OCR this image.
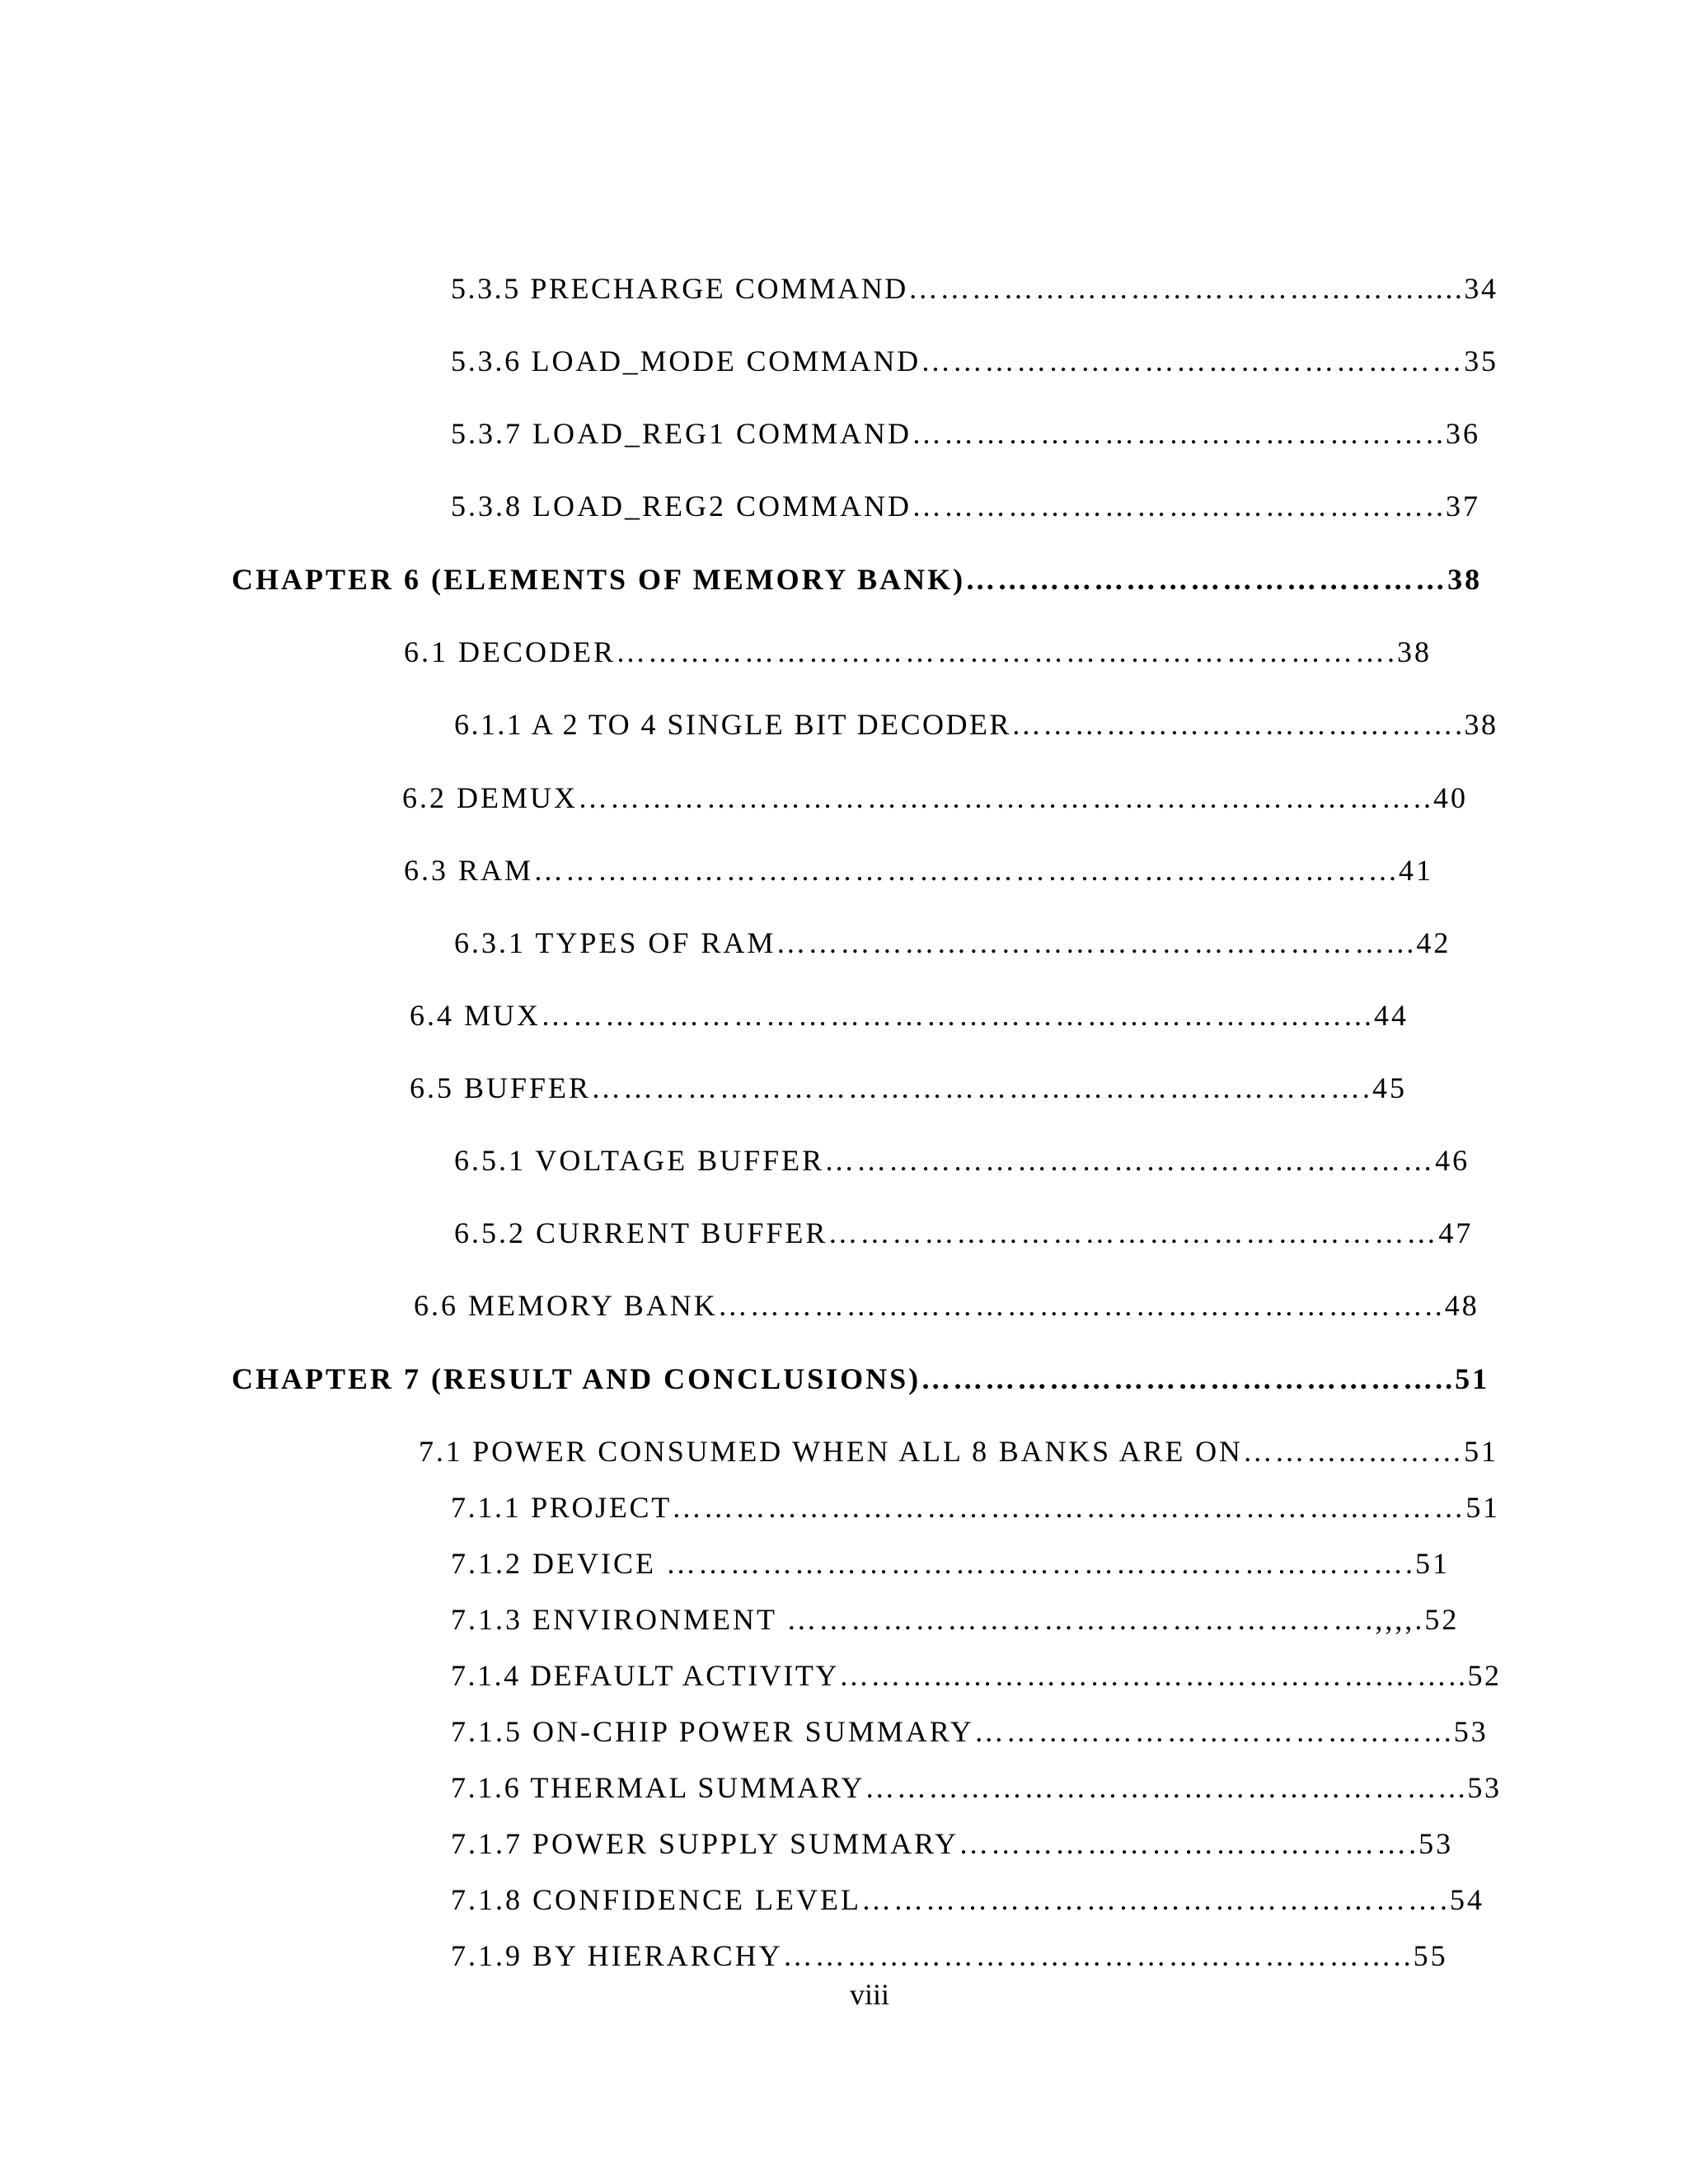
5.3.5 PRECHARGE COMMAND………………………………………….....34
5.3.6 LOAD_MODE COMMAND……………………………………………35
5.3.7 LOAD_REG1 COMMAND…………………………………………..36
5.3.8 LOAD_REG2 COMMAND…………………………………………..37
CHAPTER 6 (ELEMENTS OF MEMORY BANK)………………………………………38
6.1 DECODER……………………………………………………………….38
6.1.1 A 2 TO 4 SINGLE BIT DECODER…………………………………….38
6.2 DEMUX……………………………………………………………………..40
6.3 RAM……………………………………………………………………...41
6.3.1 TYPES OF RAM…………………………………………………...42
6.4 MUX…………………………………………………………………...44
6.5 BUFFER……………………………………………………………….45
6.5.1 VOLTAGE BUFFER…………………………………………………46
6.5.2 CURRENT BUFFER…………………………………………………47
6.6 MEMORY BANK…………………………………………………………..48
CHAPTER 7 (RESULT AND CONCLUSIONS)…………………………………………..51
7.1 POWER CONSUMED WHEN ALL 8 BANKS ARE ON………...………51
7.1.1 PROJECT………………………………………………………...………51
7.1.2 DEVICE …………………………………………………………….51
7.1.3 ENVIRONMENT ……………………………………………….,,,,.52
7.1.4 DEFAULT ACTIVITY………...………………………………….……..52
7.1.5 ON-CHIP POWER SUMMARY……………………………………...53
7.1.6 THERMAL SUMMARY………………………………………………...53
7.1.7 POWER SUPPLY SUMMARY…………………………………….53
7.1.8 CONFIDENCE LEVEL……………………………………………….54
7.1.9 BY HIERARCHY…………………………………………………..55
viii
